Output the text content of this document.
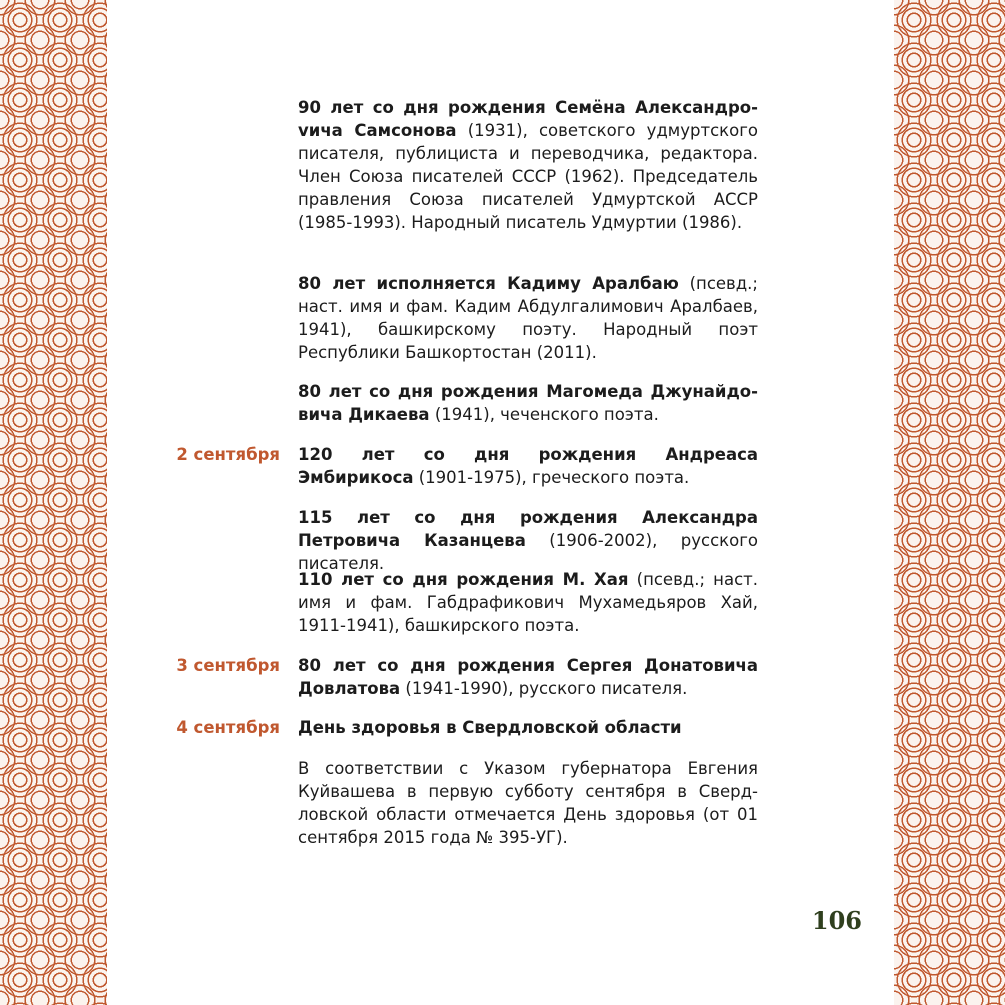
90 лет со дня рождения Семёна Александроvича Самсонова (1931), советского удмуртского писателя, публициста и переводчика, редактора. Член Союза писателей СССР (1962). Председатель правления Союза писателей Удмуртской АССР (1985-1993). Народный писатель Удмуртии (1986).
80 лет исполняется Кадиму Аралбаю (псевд.; наст. имя и фам. Кадим Абдулгалимович Аралбаев, 1941), башкирскому поэту. Народный поэт Республики Башкортостан (2011).
80 лет со дня рождения Магомеда Джунайдовича Дикаева (1941), чеченского поэта.
2 сентября 120 лет со дня рождения Андреаса Эмбирикоса (1901-1975), греческого поэта.
115 лет со дня рождения Александра Петровича Казанцева (1906-2002), русского писателя.
110 лет со дня рождения М. Хая (псевд.; наст. имя и фам. Габдрафикович Мухамедьяров Хай, 1911-1941), башкирского поэта.
3 сентября 80 лет со дня рождения Сергея Донатовича Довлатова (1941-1990), русского писателя.
4 сентября День здоровья в Свердловской области
В соответствии с Указом губернатора Евгения Куйвашева в первую субботу сентября в Свердловской области отмечается День здоровья (от 01 сентября 2015 года № 395-УГ).
106
